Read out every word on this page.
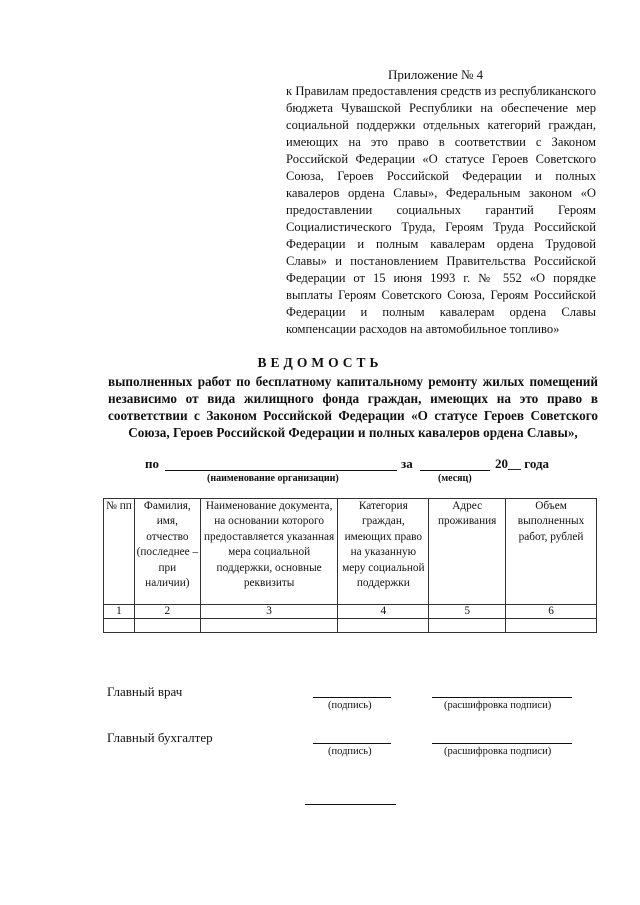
Приложение № 4
к Правилам предоставления средств из республиканского бюджета Чувашской Республики на обеспечение мер социальной поддержки отдельных категорий граждан, имеющих на это право в соответствии с Законом Российской Федерации «О статусе Героев Советского Союза, Героев Российской Федерации и полных кавалеров ордена Славы», Федеральным законом «О предоставлении социальных гарантий Героям Социалистического Труда, Героям Труда Российской Федерации и полным кавалерам ордена Трудовой Славы» и постановлением Правительства Российской Федерации от 15 июня 1993 г. № 552 «О порядке выплаты Героям Советского Союза, Героям Российской Федерации и полным кавалерам ордена Славы компенсации расходов на автомобильное топливо»
ВЕДОМОСТЬ
выполненных работ по бесплатному капитальному ремонту жилых помещений независимо от вида жилищного фонда граждан, имеющих на это право в соответствии с Законом Российской Федерации «О статусе Героев Советского Союза, Героев Российской Федерации и полных кавалеров ордена Славы»,
по	за	20__ года
(наименование организации)	(месяц)
№ пп	Фамилия, имя, отчество (последнее – при наличии)	Наименование документа, на основании которого предоставляется указанная мера социальной поддержки, основные реквизиты	Категория граждан, имеющих право на указанную меру социальной поддержки	Адрес проживания	Объем выполненных работ, рублей
1	2	3	4	5	6

Главный врач
(подпись)	(расшифровка подписи)
Главный бухгалтер
(подпись)	(расшифровка подписи)
